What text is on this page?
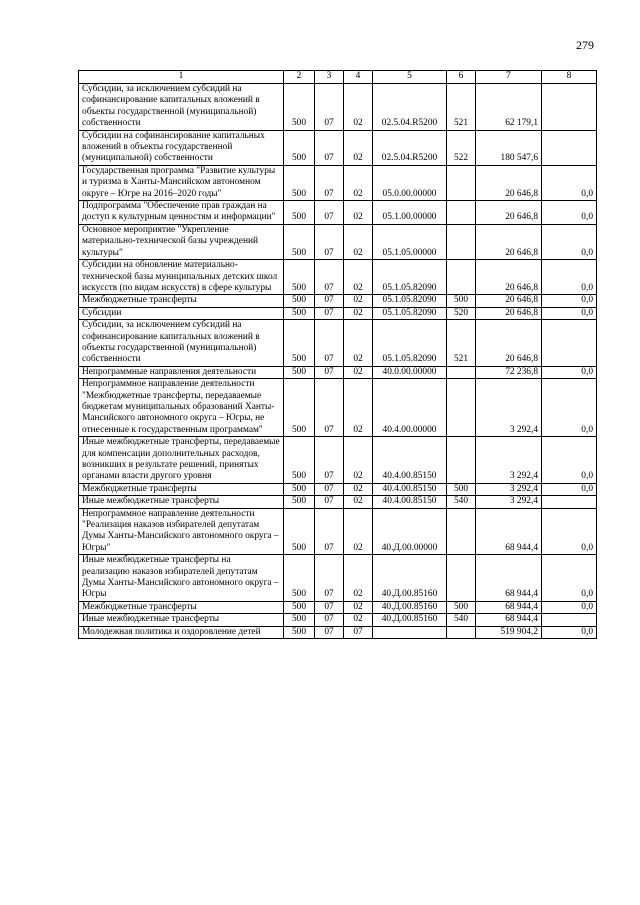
279
1	2	3	4	5	6	7	8
Субсидии, за исключением субсидий на софинансирование капитальных вложений в объекты государственной (муниципальной) собственности	500	07	02	02.5.04.R5200	521	62 179,1	
Субсидии на софинансирование капитальных вложений в объекты государственной (муниципальной) собственности	500	07	02	02.5.04.R5200	522	180 547,6	
Государственная программа "Развитие культуры и туризма в Ханты-Мансийском автономном округе – Югре на 2016–2020 годы"	500	07	02	05.0.00.00000		20 646,8	0,0
Подпрограмма "Обеспечение прав граждан на доступ к культурным ценностям и информации"	500	07	02	05.1.00.00000		20 646,8	0,0
Основное мероприятие "Укрепление материально-технической базы учреждений культуры"	500	07	02	05.1.05.00000		20 646,8	0,0
Субсидии на обновление материально-технической базы муниципальных детских школ искусств (по видам искусств) в сфере культуры	500	07	02	05.1.05.82090		20 646,8	0,0
Межбюджетные трансферты	500	07	02	05.1.05.82090	500	20 646,8	0,0
Субсидии	500	07	02	05.1.05.82090	520	20 646,8	0,0
Субсидии, за исключением субсидий на софинансирование капитальных вложений в объекты государственной (муниципальной) собственности	500	07	02	05.1.05.82090	521	20 646,8	
Непрограммные направления деятельности	500	07	02	40.0.00.00000		72 236,8	0,0
Непрограммное направление деятельности "Межбюджетные трансферты, передаваемые бюджетам муниципальных образований Ханты-Мансийского автономного округа – Югры, не отнесенные к государственным программам"	500	07	02	40.4.00.00000		3 292,4	0,0
Иные межбюджетные трансферты, передаваемые для компенсации дополнительных расходов, возникших в результате решений, принятых органами власти другого уровня	500	07	02	40.4.00.85150		3 292,4	0,0
Межбюджетные трансферты	500	07	02	40.4.00.85150	500	3 292,4	0,0
Иные межбюджетные трансферты	500	07	02	40.4.00.85150	540	3 292,4	
Непрограммное направление деятельности "Реализация наказов избирателей депутатам Думы Ханты-Мансийского автономного округа – Югры"	500	07	02	40.Д.00.00000		68 944,4	0,0
Иные межбюджетные трансферты на реализацию наказов избирателей депутатам Думы Ханты-Мансийского автономного округа – Югры	500	07	02	40.Д.00.85160		68 944,4	0,0
Межбюджетные трансферты	500	07	02	40.Д.00.85160	500	68 944,4	0,0
Иные межбюджетные трансферты	500	07	02	40.Д.00.85160	540	68 944,4	
Молодежная политика и оздоровление детей	500	07	07			519 904,2	0,0
